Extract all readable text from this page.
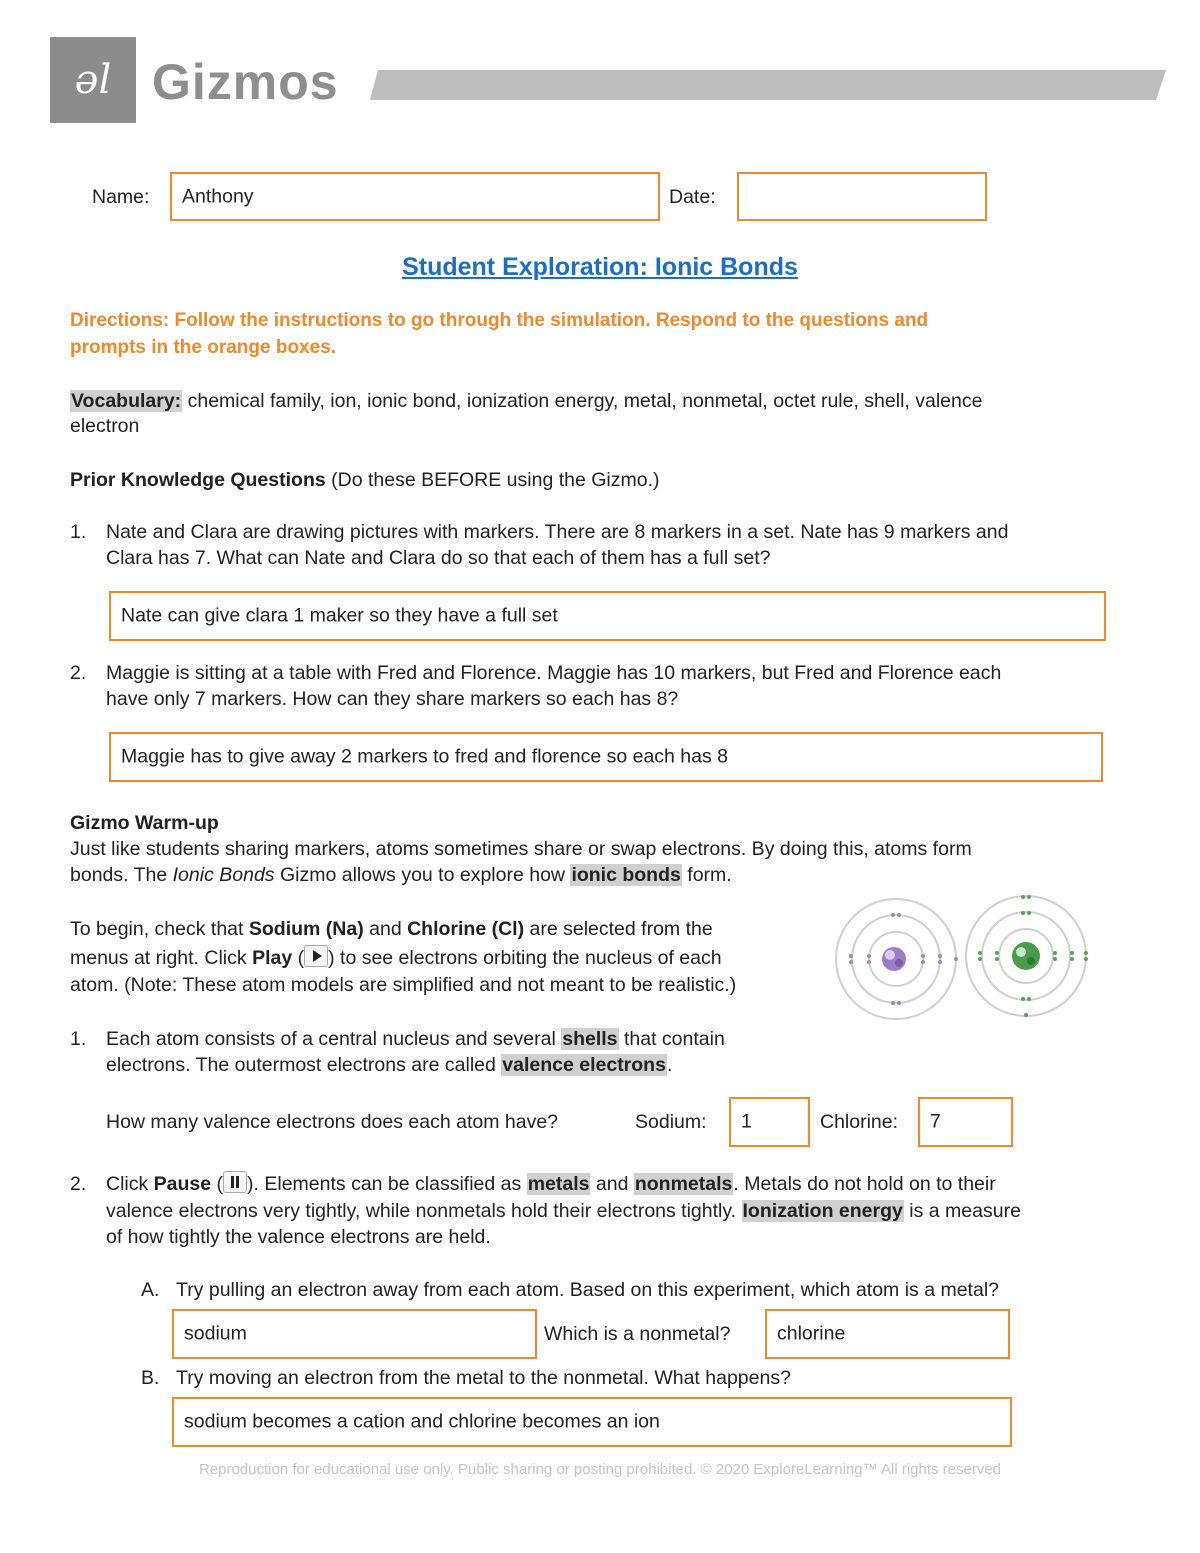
ǝl Gizmos
Name: Anthony	Date:
Student Exploration: Ionic Bonds
Directions: Follow the instructions to go through the simulation. Respond to the questions and
prompts in the orange boxes.
Vocabulary: chemical family, ion, ionic bond, ionization energy, metal, nonmetal, octet rule, shell, valence
electron
Prior Knowledge Questions (Do these BEFORE using the Gizmo.)
1. Nate and Clara are drawing pictures with markers. There are 8 markers in a set. Nate has 9 markers and
Clara has 7. What can Nate and Clara do so that each of them has a full set?
Nate can give clara 1 maker so they have a full set
2. Maggie is sitting at a table with Fred and Florence. Maggie has 10 markers, but Fred and Florence each
have only 7 markers. How can they share markers so each has 8?
Maggie has to give away 2 markers to fred and florence so each has 8
Gizmo Warm-up
Just like students sharing markers, atoms sometimes share or swap electrons. By doing this, atoms form
bonds. The Ionic Bonds Gizmo allows you to explore how ionic bonds form.
To begin, check that Sodium (Na) and Chlorine (Cl) are selected from the
menus at right. Click Play ( ) to see electrons orbiting the nucleus of each
atom. (Note: These atom models are simplified and not meant to be realistic.)
1. Each atom consists of a central nucleus and several shells that contain
electrons. The outermost electrons are called valence electrons.
How many valence electrons does each atom have?	Sodium: 1	Chlorine: 7
2. Click Pause ( ). Elements can be classified as metals and nonmetals. Metals do not hold on to their
valence electrons very tightly, while nonmetals hold their electrons tightly. Ionization energy is a measure
of how tightly the valence electrons are held.
A. Try pulling an electron away from each atom. Based on this experiment, which atom is a metal?
sodium	Which is a nonmetal? chlorine
B. Try moving an electron from the metal to the nonmetal. What happens?
sodium becomes a cation and chlorine becomes an ion
Reproduction for educational use only. Public sharing or posting prohibited. © 2020 ExploreLearning™ All rights reserved
